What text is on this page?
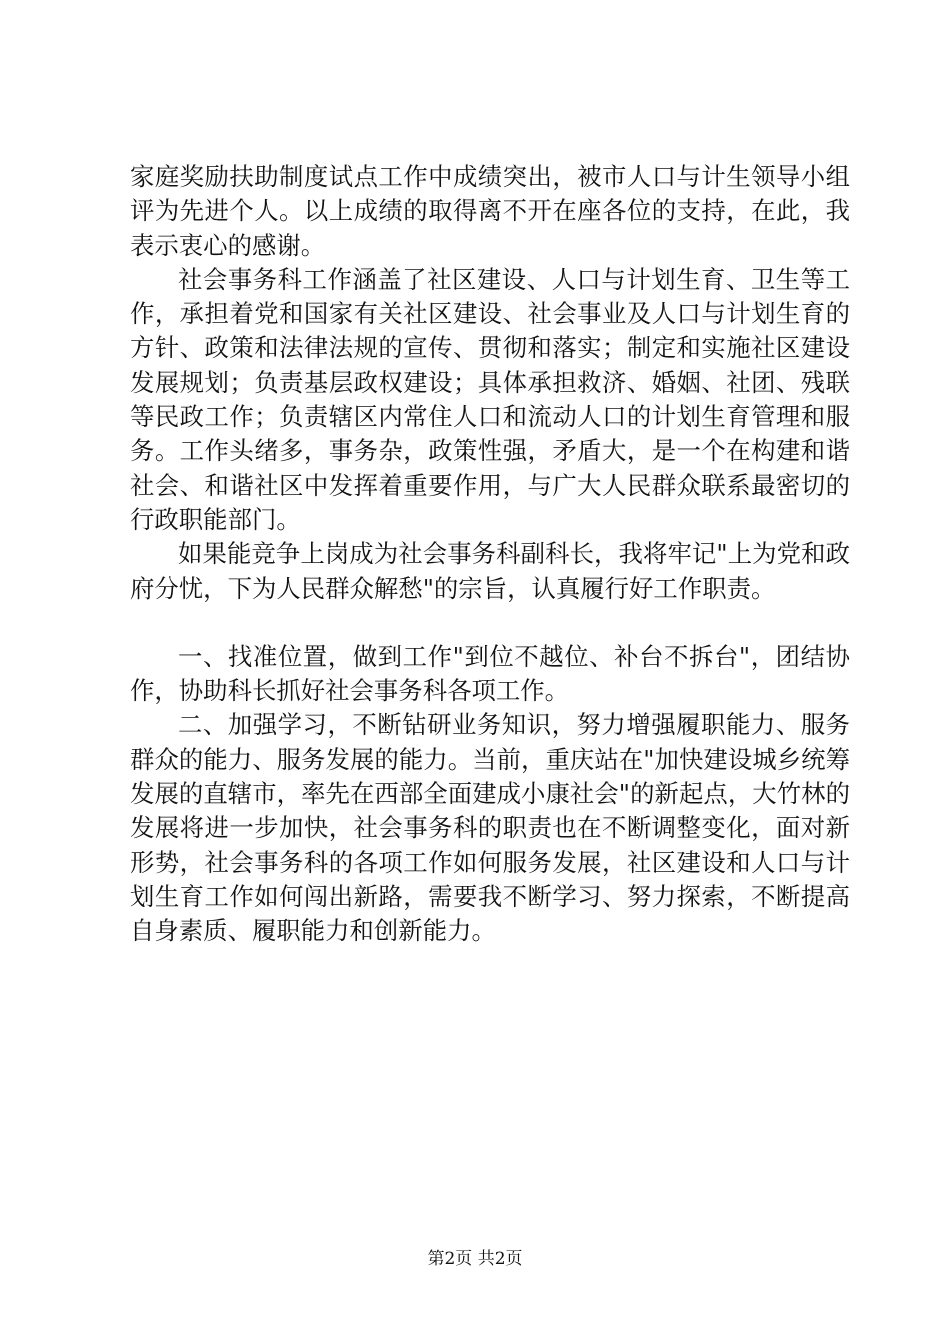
家庭奖励扶助制度试点工作中成绩突出，被市人口与计生领导小组评为先进个人。以上成绩的取得离不开在座各位的支持，在此，我表示衷心的感谢。

社会事务科工作涵盖了社区建设、人口与计划生育、卫生等工作，承担着党和国家有关社区建设、社会事业及人口与计划生育的方针、政策和法律法规的宣传、贯彻和落实；制定和实施社区建设发展规划；负责基层政权建设；具体承担救济、婚姻、社团、残联等民政工作；负责辖区内常住人口和流动人口的计划生育管理和服务。工作头绪多，事务杂，政策性强，矛盾大，是一个在构建和谐社会、和谐社区中发挥着重要作用，与广大人民群众联系最密切的行政职能部门。

如果能竞争上岗成为社会事务科副科长，我将牢记"上为党和政府分忧，下为人民群众解愁"的宗旨，认真履行好工作职责。

一、找准位置，做到工作"到位不越位、补台不拆台"，团结协作，协助科长抓好社会事务科各项工作。

二、加强学习，不断钻研业务知识，努力增强履职能力、服务群众的能力、服务发展的能力。当前，重庆站在"加快建设城乡统筹发展的直辖市，率先在西部全面建成小康社会"的新起点，大竹林的发展将进一步加快，社会事务科的职责也在不断调整变化，面对新形势，社会事务科的各项工作如何服务发展，社区建设和人口与计划生育工作如何闯出新路，需要我不断学习、努力探索，不断提高自身素质、履职能力和创新能力。

第2页 共2页
